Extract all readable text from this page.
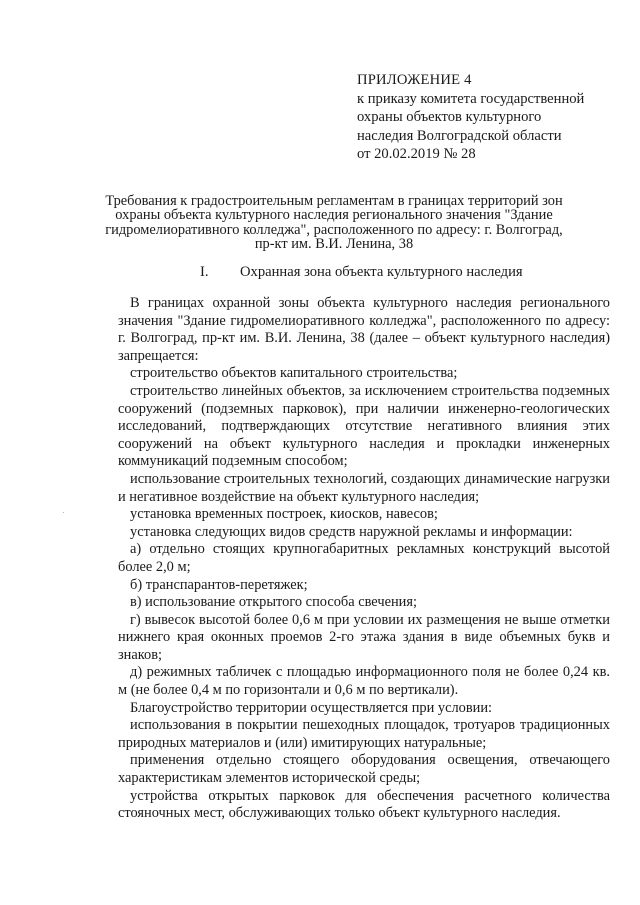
ПРИЛОЖЕНИЕ 4
к приказу комитета государственной
охраны объектов культурного
наследия Волгоградской области
от 20.02.2019 № 28
Требования к градостроительным регламентам в границах территорий зон
охраны объекта культурного наследия регионального значения "Здание
гидромелиоративного колледжа", расположенного по адресу: г. Волгоград,
пр-кт им. В.И. Ленина, 38
I. Охранная зона объекта культурного наследия

В границах охранной зоны объекта культурного наследия регионального значения "Здание гидромелиоративного колледжа", расположенного по адресу: г. Волгоград, пр-кт им. В.И. Ленина, 38 (далее – объект культурного наследия) запрещается:

строительство объектов капитального строительства;

строительство линейных объектов, за исключением строительства подземных сооружений (подземных парковок), при наличии инженерно-геологических исследований, подтверждающих отсутствие негативного влияния этих сооружений на объект культурного наследия и прокладки инженерных коммуникаций подземным способом;

использование строительных технологий, создающих динамические нагрузки и негативное воздействие на объект культурного наследия;

установка временных построек, киосков, навесов;

установка следующих видов средств наружной рекламы и информации:

а) отдельно стоящих крупногабаритных рекламных конструкций высотой более 2,0 м;

б) транспарантов-перетяжек;

в) использование открытого способа свечения;

г) вывесок высотой более 0,6 м при условии их размещения не выше отметки нижнего края оконных проемов 2-го этажа здания в виде объемных букв и знаков;

д) режимных табличек с площадью информационного поля не более 0,24 кв. м (не более 0,4 м по горизонтали и 0,6 м по вертикали).

Благоустройство территории осуществляется при условии:

использования в покрытии пешеходных площадок, тротуаров традиционных природных материалов и (или) имитирующих натуральные;

применения отдельно стоящего оборудования освещения, отвечающего характеристикам элементов исторической среды;

устройства открытых парковок для обеспечения расчетного количества стояночных мест, обслуживающих только объект культурного наследия.
